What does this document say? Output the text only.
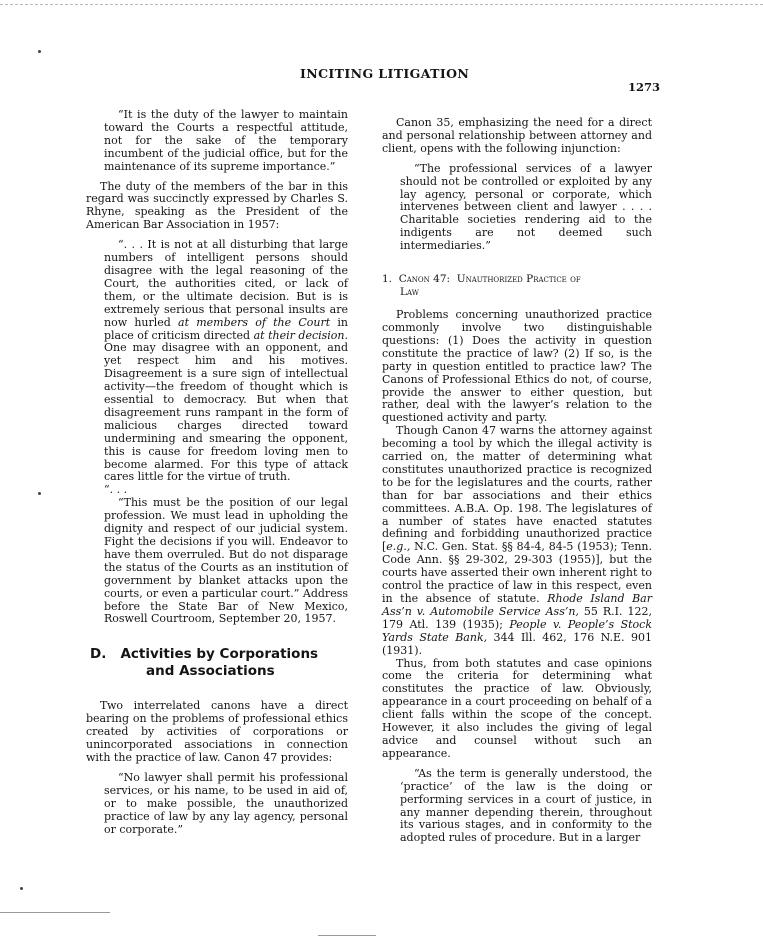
INCITING LITIGATION
1273

“It is the duty of the lawyer to maintain toward the Courts a respectful attitude, not for the sake of the temporary incumbent of the judicial office, but for the maintenance of its supreme importance.”

The duty of the members of the bar in this regard was succinctly expressed by Charles S. Rhyne, speaking as the President of the American Bar Association in 1957:

“. . . It is not at all disturbing that large numbers of intelligent persons should disagree with the legal reasoning of the Court, the authorities cited, or lack of them, or the ultimate decision. But is is extremely serious that personal insults are now hurled at members of the Court in place of criticism directed at their decision. One may disagree with an opponent, and yet respect him and his motives. Disagreement is a sure sign of intellectual activity—the freedom of thought which is essential to democracy. But when that disagreement runs rampant in the form of malicious charges directed toward undermining and smearing the opponent, this is cause for freedom loving men to become alarmed. For this type of attack cares little for the virtue of truth.

“. . .

“This must be the position of our legal profession. We must lead in upholding the dignity and respect of our judicial system. Fight the decisions if you will. Endeavor to have them overruled. But do not disparage the status of the Courts as an institution of government by blanket attacks upon the courts, or even a particular court.” Address before the State Bar of New Mexico, Roswell Courtroom, September 20, 1957.

D. Activities by Corporations
and Associations

Two interrelated canons have a direct bearing on the problems of professional ethics created by activities of corporations or unincorporated associations in connection with the practice of law. Canon 47 provides:

“No lawyer shall permit his professional services, or his name, to be used in aid of, or to make possible, the unauthorized practice of law by any lay agency, personal or corporate.”

Canon 35, emphasizing the need for a direct and personal relationship between attorney and client, opens with the following injunction:

“The professional services of a lawyer should not be controlled or exploited by any lay agency, personal or corporate, which intervenes between client and lawyer . . . . Charitable societies rendering aid to the indigents are not deemed such intermediaries.”

1. Canon 47: Unauthorized Practice of
Law

Problems concerning unauthorized practice commonly involve two distinguishable questions: (1) Does the activity in question constitute the practice of law? (2) If so, is the party in question entitled to practice law? The Canons of Professional Ethics do not, of course, provide the answer to either question, but rather, deal with the lawyer’s relation to the questioned activity and party.

Though Canon 47 warns the attorney against becoming a tool by which the illegal activity is carried on, the matter of determining what constitutes unauthorized practice is recognized to be for the legislatures and the courts, rather than for bar associations and their ethics committees. A.B.A. Op. 198. The legislatures of a number of states have enacted statutes defining and forbidding unauthorized practice [e.g., N.C. Gen. Stat. §§ 84-4, 84-5 (1953); Tenn. Code Ann. §§ 29-302, 29-303 (1955)], but the courts have asserted their own inherent right to control the practice of law in this respect, even in the absence of statute. Rhode Island Bar Ass’n v. Automobile Service Ass’n, 55 R.I. 122, 179 Atl. 139 (1935); People v. People’s Stock Yards State Bank, 344 Ill. 462, 176 N.E. 901 (1931).

Thus, from both statutes and case opinions come the criteria for determining what constitutes the practice of law. Obviously, appearance in a court proceeding on behalf of a client falls within the scope of the concept. However, it also includes the giving of legal advice and counsel without such an appearance.

“As the term is generally understood, the ‘practice’ of the law is the doing or performing services in a court of justice, in any manner depending therein, throughout its various stages, and in conformity to the adopted rules of procedure. But in a larger
